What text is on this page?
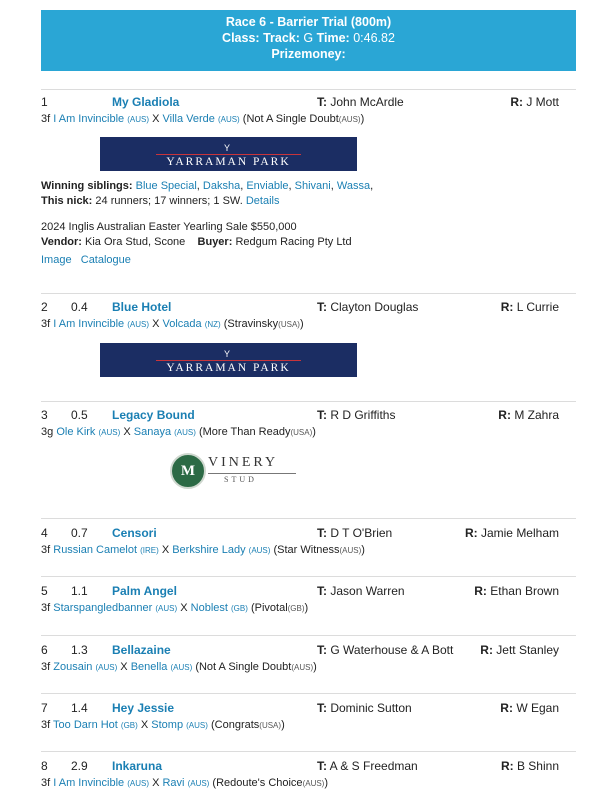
Race 6 - Barrier Trial (800m)
Class: Track: G Time: 0:46.82
Prizemoney:
1	My Gladiola	T: John McArdle	R: J Mott
3f I Am Invincible (AUS) X Villa Verde (AUS) (Not A Single Doubt(AUS))
Y
YARRAMAN PARK

Winning siblings: Blue Special, Daksha, Enviable, Shivani, Wassa,

This nick: 24 runners; 17 winners; 1 SW. Details

2024 Inglis Australian Easter Yearling Sale $550,000

Vendor: Kia Ora Stud, Scone Buyer: Redgum Racing Pty Ltd

Image Catalogue

2 0.4 Blue Hotel	T: Clayton Douglas	R: L Currie
3f I Am Invincible (AUS) X Volcada (NZ) (Stravinsky(USA))
Y
YARRAMAN PARK
3 0.5 Legacy Bound	T: R D Griffiths	R: M Zahra
3g Ole Kirk (AUS) X Sanaya (AUS) (More Than Ready(USA))
M
VINERY
STUD
4 0.7 Censori	T: D T O'Brien	R: Jamie Melham
3f Russian Camelot (IRE) X Berkshire Lady (AUS) (Star Witness(AUS))
5 1.1 Palm Angel	T: Jason Warren	R: Ethan Brown
3f Starspangledbanner (AUS) X Noblest (GB) (Pivotal(GB))
6 1.3 Bellazaine	T: G Waterhouse & A Bott R: Jett Stanley
3f Zousain (AUS) X Benella (AUS) (Not A Single Doubt(AUS))
7 1.4 Hey Jessie	T: Dominic Sutton	R: W Egan
3f Too Darn Hot (GB) X Stomp (AUS) (Congrats(USA))
8 2.9 Inkaruna	T: A & S Freedman	R: B Shinn
3f I Am Invincible (AUS) X Ravi (AUS) (Redoute's Choice(AUS))
